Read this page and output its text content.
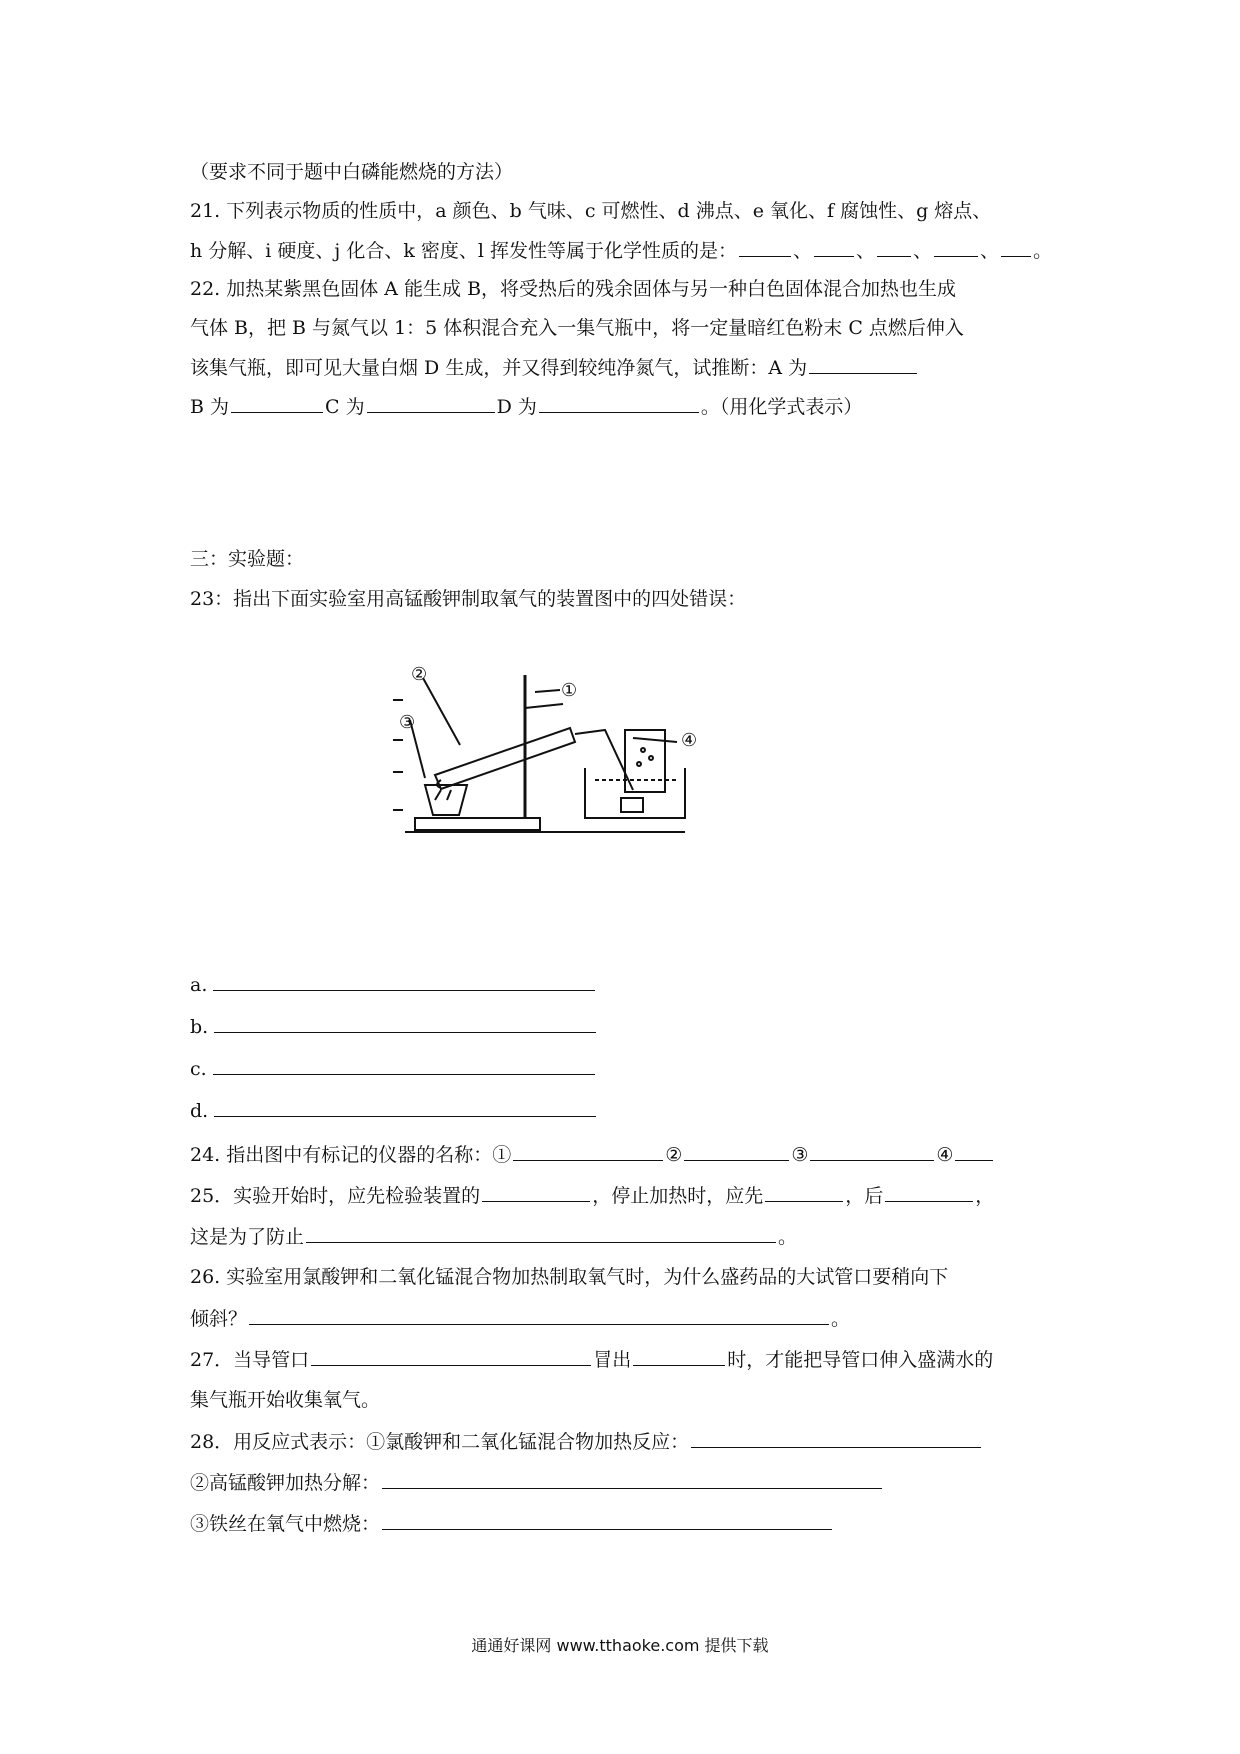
（要求不同于题中白磷能燃烧的方法）
21. 下列表示物质的性质中，a 颜色、b 气味、c 可燃性、d 沸点、e 氧化、f 腐蚀性、g 熔点、
h 分解、i 硬度、j 化合、k 密度、l 挥发性等属于化学性质的是：	、 、 、	、 。
22. 加热某紫黑色固体 A 能生成 B，将受热后的残余固体与另一种白色固体混合加热也生成
气体 B，把 B 与氮气以 1：5 体积混合充入一集气瓶中，将一定量暗红色粉末 C 点燃后伸入
该集气瓶，即可见大量白烟 D 生成，并又得到较纯净氮气，试推断：A 为
B 为	C 为	D 为	。（用化学式表示）
三：实验题：
23：指出下面实验室用高锰酸钾制取氧气的装置图中的四处错误：
①
②
③
④
a.
b.
c.
d.
24. 指出图中有标记的仪器的名称：①	②	③	④
25．实验开始时，应先检验装置的	，停止加热时，应先	，后	，
这是为了防止	。
26. 实验室用氯酸钾和二氧化锰混合物加热制取氧气时，为什么盛药品的大试管口要稍向下
倾斜？	。
27．当导管口	冒出	时，才能把导管口伸入盛满水的
集气瓶开始收集氧气。
28．用反应式表示：①氯酸钾和二氧化锰混合物加热反应：
②高锰酸钾加热分解：
③铁丝在氧气中燃烧：
通通好课网 www.tthaoke.com 提供下载
